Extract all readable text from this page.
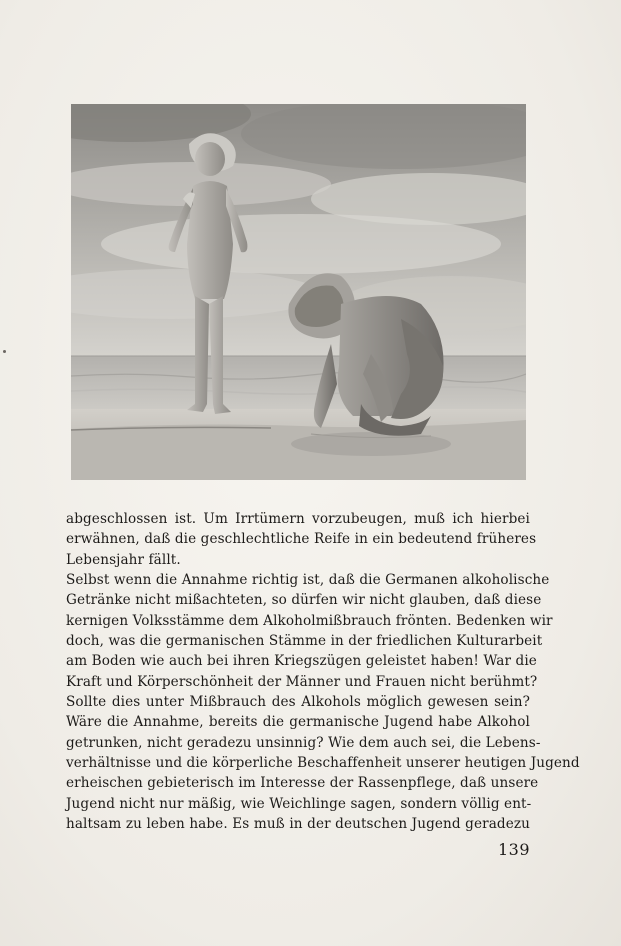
abgeschlossen ist. Um Irrtümern vorzubeugen, muß ich hierbei
erwähnen, daß die geschlechtliche Reife in ein bedeutend früheres
Lebensjahr fällt.
Selbst wenn die Annahme richtig ist, daß die Germanen alkoholische
Getränke nicht mißachteten, so dürfen wir nicht glauben, daß diese
kernigen Volksstämme dem Alkoholmißbrauch frönten. Bedenken wir
doch, was die germanischen Stämme in der friedlichen Kulturarbeit
am Boden wie auch bei ihren Kriegszügen geleistet haben! War die
Kraft und Körperschönheit der Männer und Frauen nicht berühmt?
Sollte dies unter Mißbrauch des Alkohols möglich gewesen sein?
Wäre die Annahme, bereits die germanische Jugend habe Alkohol
getrunken, nicht geradezu unsinnig? Wie dem auch sei, die Lebens-
verhältnisse und die körperliche Beschaffenheit unserer heutigen Jugend
erheischen gebieterisch im Interesse der Rassenpflege, daß unsere
Jugend nicht nur mäßig, wie Weichlinge sagen, sondern völlig ent-
haltsam zu leben habe. Es muß in der deutschen Jugend geradezu
139
